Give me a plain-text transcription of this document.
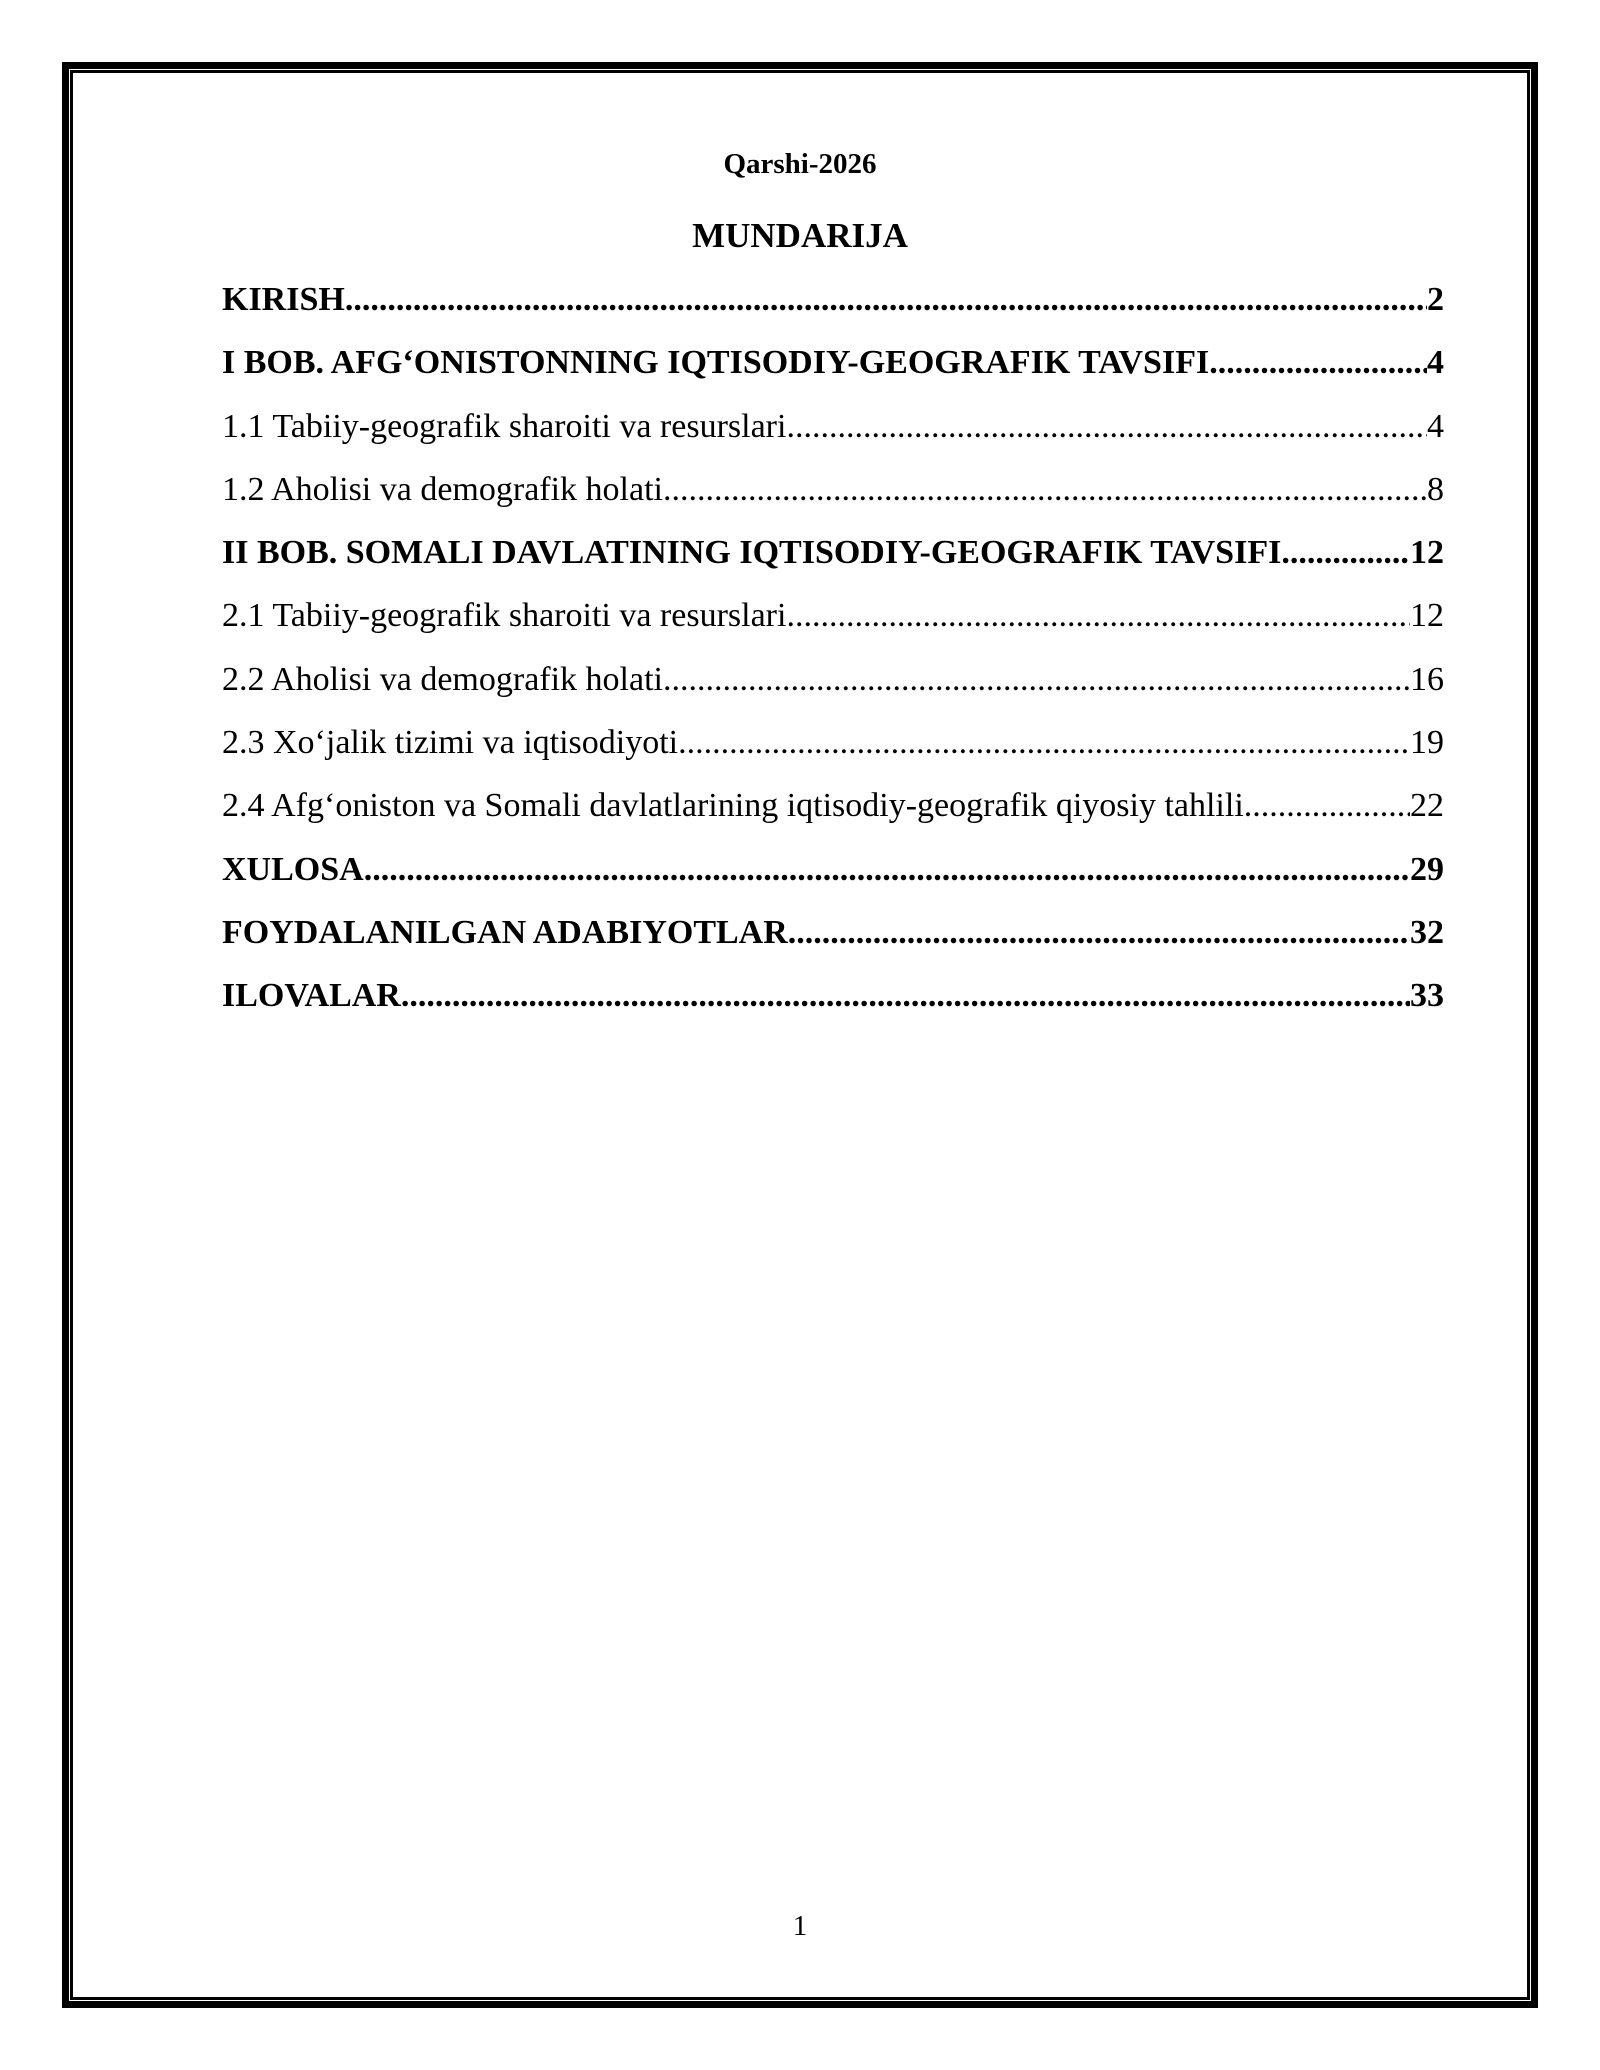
Qarshi-2026
MUNDARIJA
KIRISH .....	2
I BOB. AFG‘ONISTONNING IQTISODIY-GEOGRAFIK TAVSIFI .....	4
1.1 Tabiiy-geografik sharoiti va resurslari .....	4
1.2 Aholisi va demografik holati .....	8
II BOB. SOMALI DAVLATINING IQTISODIY-GEOGRAFIK TAVSIFI .....	12
2.1 Tabiiy-geografik sharoiti va resurslari .....	12
2.2 Aholisi va demografik holati .....	16
2.3 Xo‘jalik tizimi va iqtisodiyoti .....	19
2.4 Afg‘oniston va Somali davlatlarining iqtisodiy-geografik qiyosiy tahlili .....	22
XULOSA .....	29
FOYDALANILGAN ADABIYOTLAR .....	32
ILOVALAR .....	33
1
